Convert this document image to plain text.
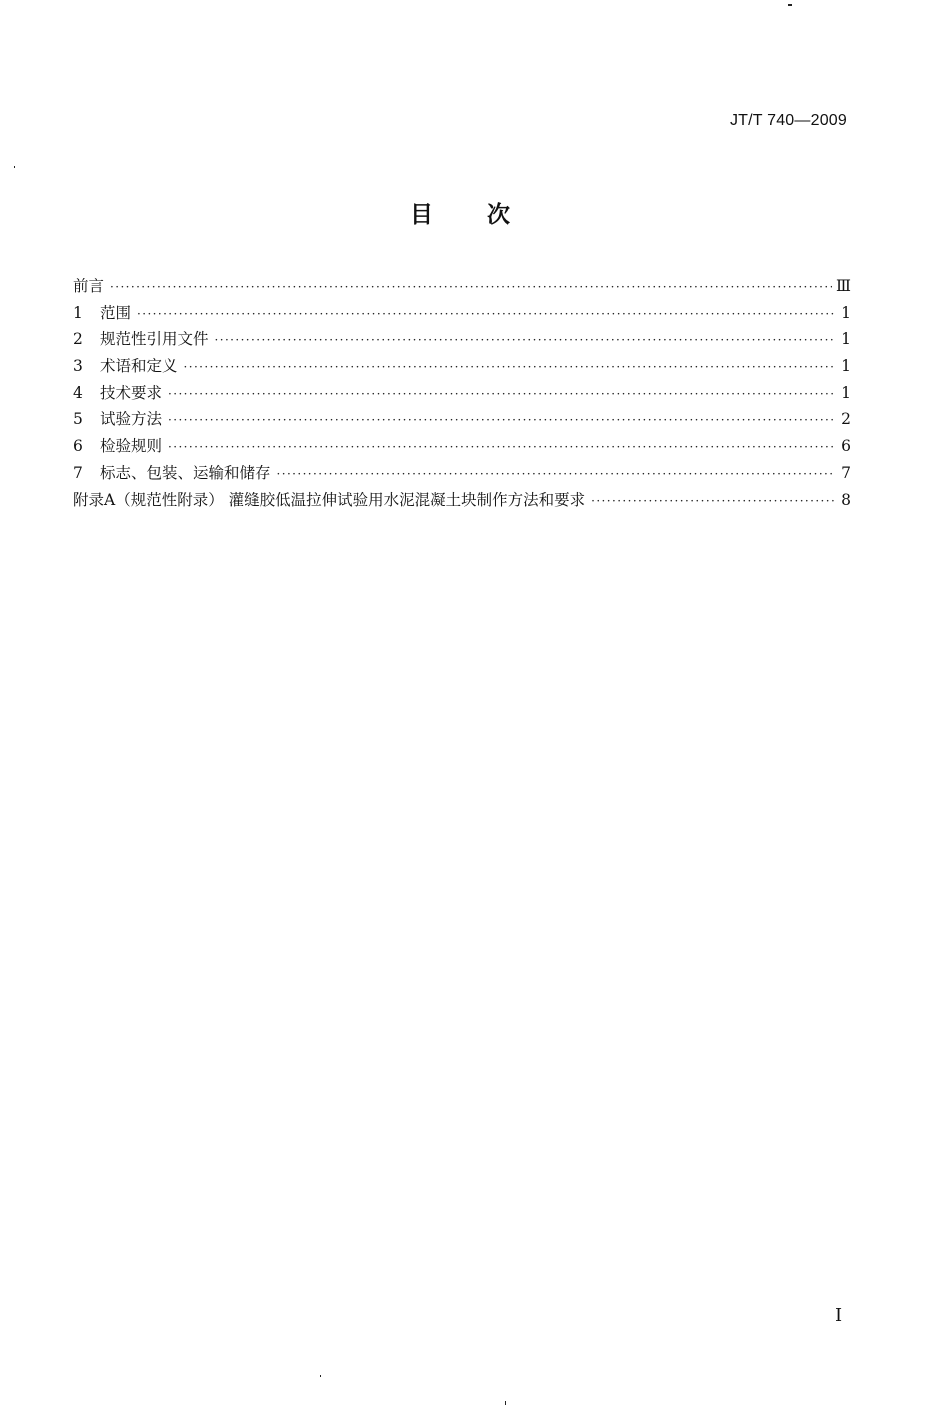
JT/T 740—2009
目次
前言 ·····	Ⅲ
1	范围 ·····	1
2	规范性引用文件 ·····	1
3	术语和定义 ·····	1
4	技术要求 ·····	1
5	试验方法 ·····	2
6	检验规则 ·····	6
7	标志、包装、运输和储存 ·····	7
附录A（规范性附录） 灌缝胶低温拉伸试验用水泥混凝土块制作方法和要求 ·····	8
I
